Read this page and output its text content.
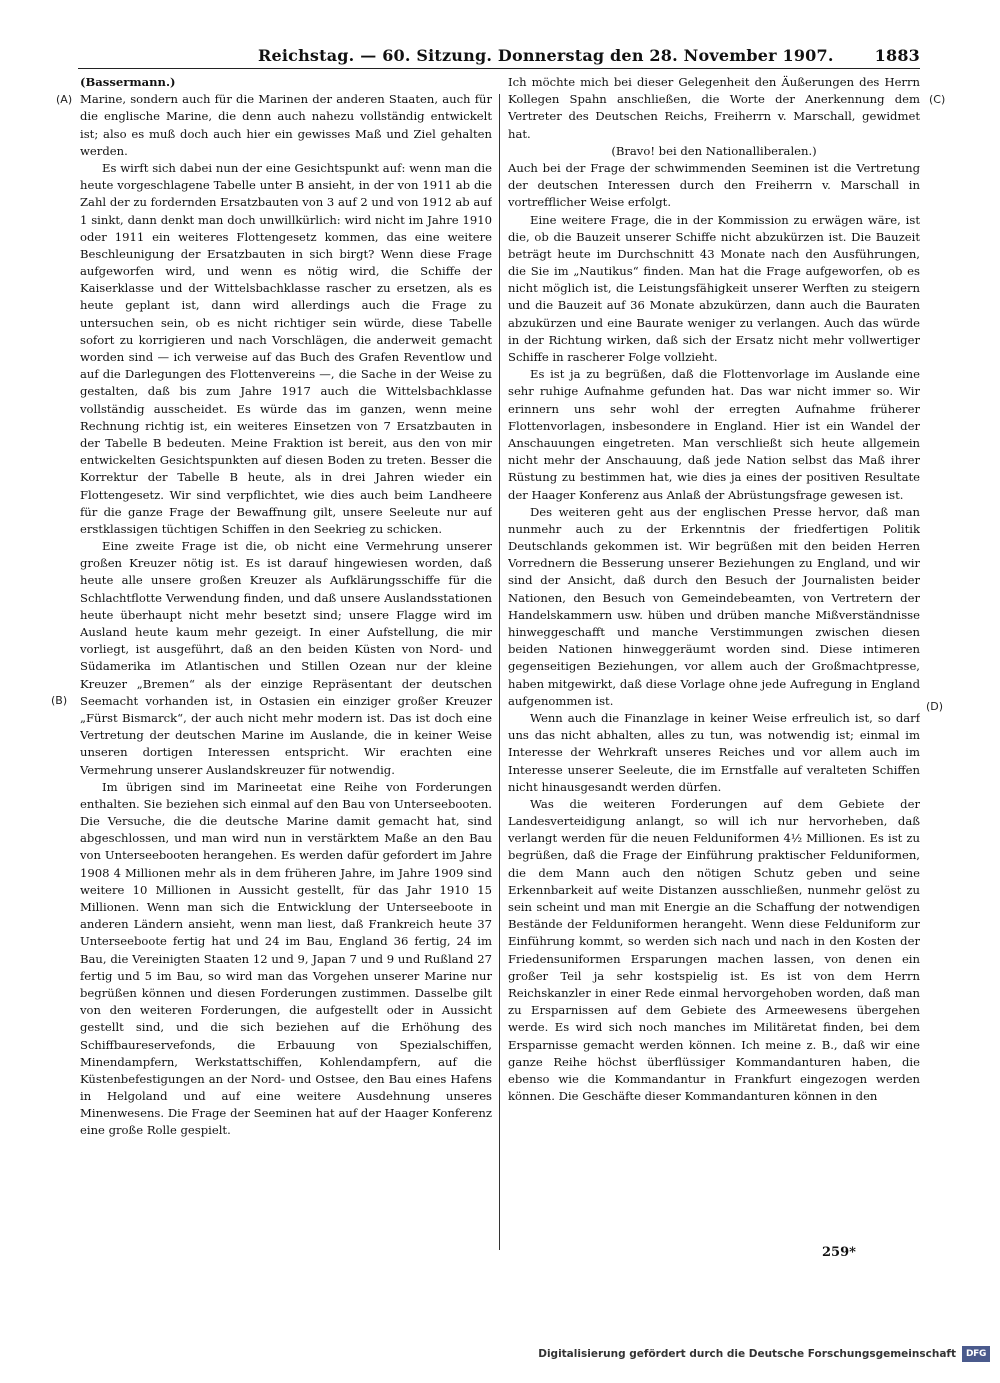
Reichstag. — 60. Sitzung. Donnerstag den 28. November 1907.	1883
(A)
(B)
(C)
(D)

(Bassermann.)

Marine, sondern auch für die Marinen der anderen Staaten, auch für die englische Marine, die denn auch nahezu vollständig entwickelt ist; also es muß doch auch hier ein gewisses Maß und Ziel gehalten werden.

Es wirft sich dabei nun der eine Gesichtspunkt auf: wenn man die heute vorgeschlagene Tabelle unter B ansieht, in der von 1911 ab die Zahl der zu fordernden Ersatzbauten von 3 auf 2 und von 1912 ab auf 1 sinkt, dann denkt man doch unwillkürlich: wird nicht im Jahre 1910 oder 1911 ein weiteres Flottengesetz kommen, das eine weitere Beschleunigung der Ersatzbauten in sich birgt? Wenn diese Frage aufgeworfen wird, und wenn es nötig wird, die Schiffe der Kaiserklasse und der Wittelsbachklasse rascher zu ersetzen, als es heute geplant ist, dann wird allerdings auch die Frage zu untersuchen sein, ob es nicht richtiger sein würde, diese Tabelle sofort zu korrigieren und nach Vorschlägen, die anderweit gemacht worden sind — ich verweise auf das Buch des Grafen Reventlow und auf die Darlegungen des Flottenvereins —, die Sache in der Weise zu gestalten, daß bis zum Jahre 1917 auch die Wittelsbachklasse vollständig ausscheidet. Es würde das im ganzen, wenn meine Rechnung richtig ist, ein weiteres Einsetzen von 7 Ersatzbauten in der Tabelle B bedeuten. Meine Fraktion ist bereit, aus den von mir entwickelten Gesichtspunkten auf diesen Boden zu treten. Besser die Korrektur der Tabelle B heute, als in drei Jahren wieder ein Flottengesetz. Wir sind verpflichtet, wie dies auch beim Landheere für die ganze Frage der Bewaffnung gilt, unsere Seeleute nur auf erstklassigen tüchtigen Schiffen in den Seekrieg zu schicken.

Eine zweite Frage ist die, ob nicht eine Vermehrung unserer großen Kreuzer nötig ist. Es ist darauf hingewiesen worden, daß heute alle unsere großen Kreuzer als Aufklärungsschiffe für die Schlachtflotte Verwendung finden, und daß unsere Auslandsstationen heute überhaupt nicht mehr besetzt sind; unsere Flagge wird im Ausland heute kaum mehr gezeigt. In einer Aufstellung, die mir vorliegt, ist ausgeführt, daß an den beiden Küsten von Nord- und Südamerika im Atlantischen und Stillen Ozean nur der kleine Kreuzer „Bremen“ als der einzige Repräsentant der deutschen Seemacht vorhanden ist, in Ostasien ein einziger großer Kreuzer „Fürst Bismarck“, der auch nicht mehr modern ist. Das ist doch eine Vertretung der deutschen Marine im Auslande, die in keiner Weise unseren dortigen Interessen entspricht. Wir erachten eine Vermehrung unserer Auslandskreuzer für notwendig.

Im übrigen sind im Marineetat eine Reihe von Forderungen enthalten. Sie beziehen sich einmal auf den Bau von Unterseebooten. Die Versuche, die die deutsche Marine damit gemacht hat, sind abgeschlossen, und man wird nun in verstärktem Maße an den Bau von Unterseebooten herangehen. Es werden dafür gefordert im Jahre 1908 4 Millionen mehr als in dem früheren Jahre, im Jahre 1909 sind weitere 10 Millionen in Aussicht gestellt, für das Jahr 1910 15 Millionen. Wenn man sich die Entwicklung der Unterseeboote in anderen Ländern ansieht, wenn man liest, daß Frankreich heute 37 Unterseeboote fertig hat und 24 im Bau, England 36 fertig, 24 im Bau, die Vereinigten Staaten 12 und 9, Japan 7 und 9 und Rußland 27 fertig und 5 im Bau, so wird man das Vorgehen unserer Marine nur begrüßen können und diesen Forderungen zustimmen. Dasselbe gilt von den weiteren Forderungen, die aufgestellt oder in Aussicht gestellt sind, und die sich beziehen auf die Erhöhung des Schiffbaureservefonds, die Erbauung von Spezialschiffen, Minendampfern, Werkstattschiffen, Kohlendampfern, auf die Küstenbefestigungen an der Nord- und Ostsee, den Bau eines Hafens in Helgoland und auf eine weitere Ausdehnung unseres Minenwesens. Die Frage der Seeminen hat auf der Haager Konferenz eine große Rolle gespielt.

Ich möchte mich bei dieser Gelegenheit den Äußerungen des Herrn Kollegen Spahn anschließen, die Worte der Anerkennung dem Vertreter des Deutschen Reichs, Freiherrn v. Marschall, gewidmet hat.

(Bravo! bei den Nationalliberalen.)

Auch bei der Frage der schwimmenden Seeminen ist die Vertretung der deutschen Interessen durch den Freiherrn v. Marschall in vortrefflicher Weise erfolgt.

Eine weitere Frage, die in der Kommission zu erwägen wäre, ist die, ob die Bauzeit unserer Schiffe nicht abzukürzen ist. Die Bauzeit beträgt heute im Durchschnitt 43 Monate nach den Ausführungen, die Sie im „Nautikus“ finden. Man hat die Frage aufgeworfen, ob es nicht möglich ist, die Leistungsfähigkeit unserer Werften zu steigern und die Bauzeit auf 36 Monate abzukürzen, dann auch die Bauraten abzukürzen und eine Baurate weniger zu verlangen. Auch das würde in der Richtung wirken, daß sich der Ersatz nicht mehr vollwertiger Schiffe in rascherer Folge vollzieht.

Es ist ja zu begrüßen, daß die Flottenvorlage im Auslande eine sehr ruhige Aufnahme gefunden hat. Das war nicht immer so. Wir erinnern uns sehr wohl der erregten Aufnahme früherer Flottenvorlagen, insbesondere in England. Hier ist ein Wandel der Anschauungen eingetreten. Man verschließt sich heute allgemein nicht mehr der Anschauung, daß jede Nation selbst das Maß ihrer Rüstung zu bestimmen hat, wie dies ja eines der positiven Resultate der Haager Konferenz aus Anlaß der Abrüstungsfrage gewesen ist.

Des weiteren geht aus der englischen Presse hervor, daß man nunmehr auch zu der Erkenntnis der friedfertigen Politik Deutschlands gekommen ist. Wir begrüßen mit den beiden Herren Vorrednern die Besserung unserer Beziehungen zu England, und wir sind der Ansicht, daß durch den Besuch der Journalisten beider Nationen, den Besuch von Gemeindebeamten, von Vertretern der Handelskammern usw. hüben und drüben manche Mißverständnisse hinweggeschafft und manche Verstimmungen zwischen diesen beiden Nationen hinweggeräumt worden sind. Diese intimeren gegenseitigen Beziehungen, vor allem auch der Großmachtpresse, haben mitgewirkt, daß diese Vorlage ohne jede Aufregung in England aufgenommen ist.

Wenn auch die Finanzlage in keiner Weise erfreulich ist, so darf uns das nicht abhalten, alles zu tun, was notwendig ist; einmal im Interesse der Wehrkraft unseres Reiches und vor allem auch im Interesse unserer Seeleute, die im Ernstfalle auf veralteten Schiffen nicht hinausgesandt werden dürfen.

Was die weiteren Forderungen auf dem Gebiete der Landesverteidigung anlangt, so will ich nur hervorheben, daß verlangt werden für die neuen Felduniformen 4½ Millionen. Es ist zu begrüßen, daß die Frage der Einführung praktischer Felduniformen, die dem Mann auch den nötigen Schutz geben und seine Erkennbarkeit auf weite Distanzen ausschließen, nunmehr gelöst zu sein scheint und man mit Energie an die Schaffung der notwendigen Bestände der Felduniformen herangeht. Wenn diese Felduniform zur Einführung kommt, so werden sich nach und nach in den Kosten der Friedensuniformen Ersparungen machen lassen, von denen ein großer Teil ja sehr kostspielig ist. Es ist von dem Herrn Reichskanzler in einer Rede einmal hervorgehoben worden, daß man zu Ersparnissen auf dem Gebiete des Armeewesens übergehen werde. Es wird sich noch manches im Militäretat finden, bei dem Ersparnisse gemacht werden können. Ich meine z. B., daß wir eine ganze Reihe höchst überflüssiger Kommandanturen haben, die ebenso wie die Kommandantur in Frankfurt eingezogen werden können. Die Geschäfte dieser Kommandanturen können in den

259*
Digitalisierung gefördert durch die Deutsche Forschungsgemeinschaft	DFG
